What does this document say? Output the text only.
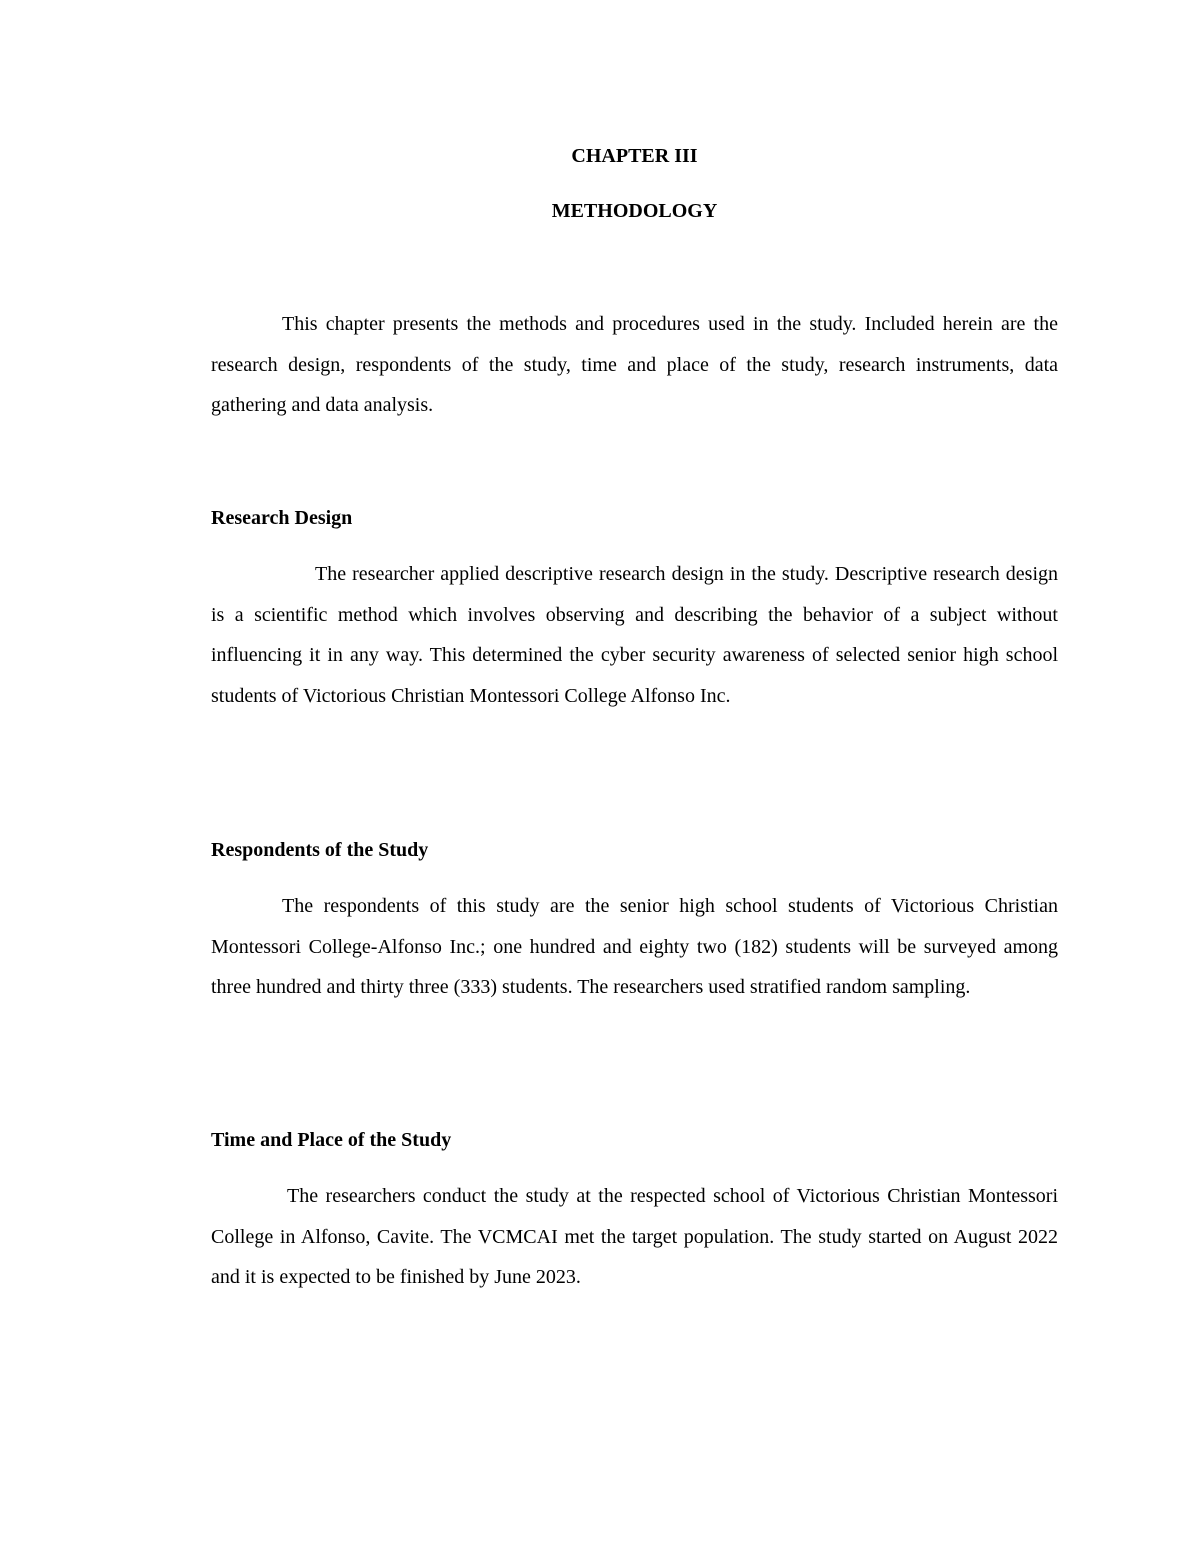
CHAPTER III
METHODOLOGY

This chapter presents the methods and procedures used in the study. Included herein are the research design, respondents of the study, time and place of the study, research instruments, data gathering and data analysis.

Research Design

The researcher applied descriptive research design in the study. Descriptive research design is a scientific method which involves observing and describing the behavior of a subject without influencing it in any way. This determined the cyber security awareness of selected senior high school students of Victorious Christian Montessori College Alfonso Inc.

Respondents of the Study

The respondents of this study are the senior high school students of Victorious Christian Montessori College-Alfonso Inc.; one hundred and eighty two (182) students will be surveyed among three hundred and thirty three (333) students. The researchers used stratified random sampling.

Time and Place of the Study

The researchers conduct the study at the respected school of Victorious Christian Montessori College in Alfonso, Cavite. The VCMCAI met the target population. The study started on August 2022 and it is expected to be finished by June 2023.
